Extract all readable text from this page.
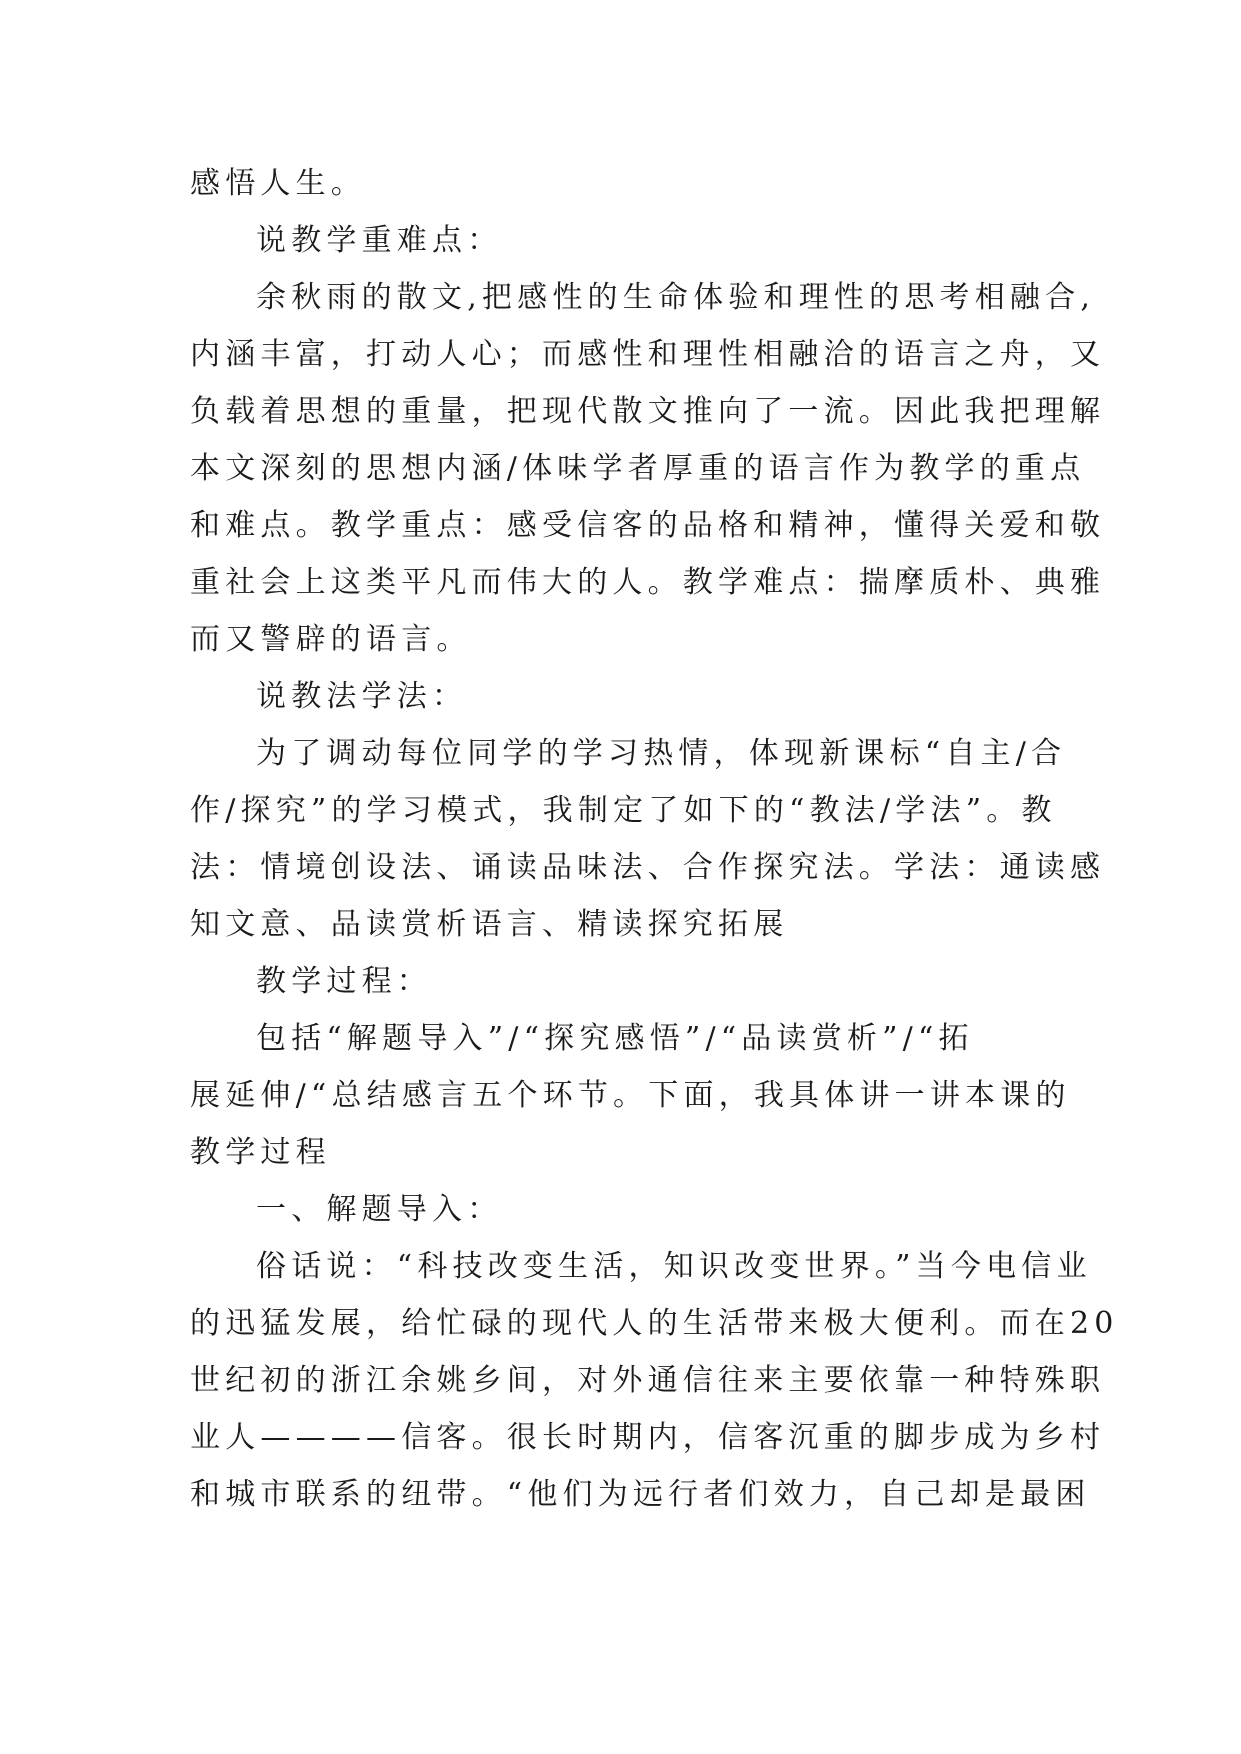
感悟人生。
说教学重难点：
余秋雨的散文,把感性的生命体验和理性的思考相融合,
内涵丰富，打动人心；而感性和理性相融洽的语言之舟，又
负载着思想的重量，把现代散文推向了一流。因此我把理解
本文深刻的思想内涵/体味学者厚重的语言作为教学的重点
和难点。教学重点：感受信客的品格和精神，懂得关爱和敬
重社会上这类平凡而伟大的人。教学难点：揣摩质朴、典雅
而又警辟的语言。
说教法学法：
为了调动每位同学的学习热情，体现新课标“自主/合
作/探究”的学习模式，我制定了如下的“教法/学法”。教
法：情境创设法、诵读品味法、合作探究法。学法：通读感
知文意、品读赏析语言、精读探究拓展
教学过程：
包括“解题导入”/“探究感悟”/“品读赏析”/“拓
展延伸/“总结感言五个环节。下面，我具体讲一讲本课的
教学过程
一、解题导入：
俗话说：“科技改变生活，知识改变世界。”当今电信业
的迅猛发展，给忙碌的现代人的生活带来极大便利。而在20
世纪初的浙江余姚乡间，对外通信往来主要依靠一种特殊职
业人————信客。很长时期内，信客沉重的脚步成为乡村
和城市联系的纽带。“他们为远行者们效力，自己却是最困
